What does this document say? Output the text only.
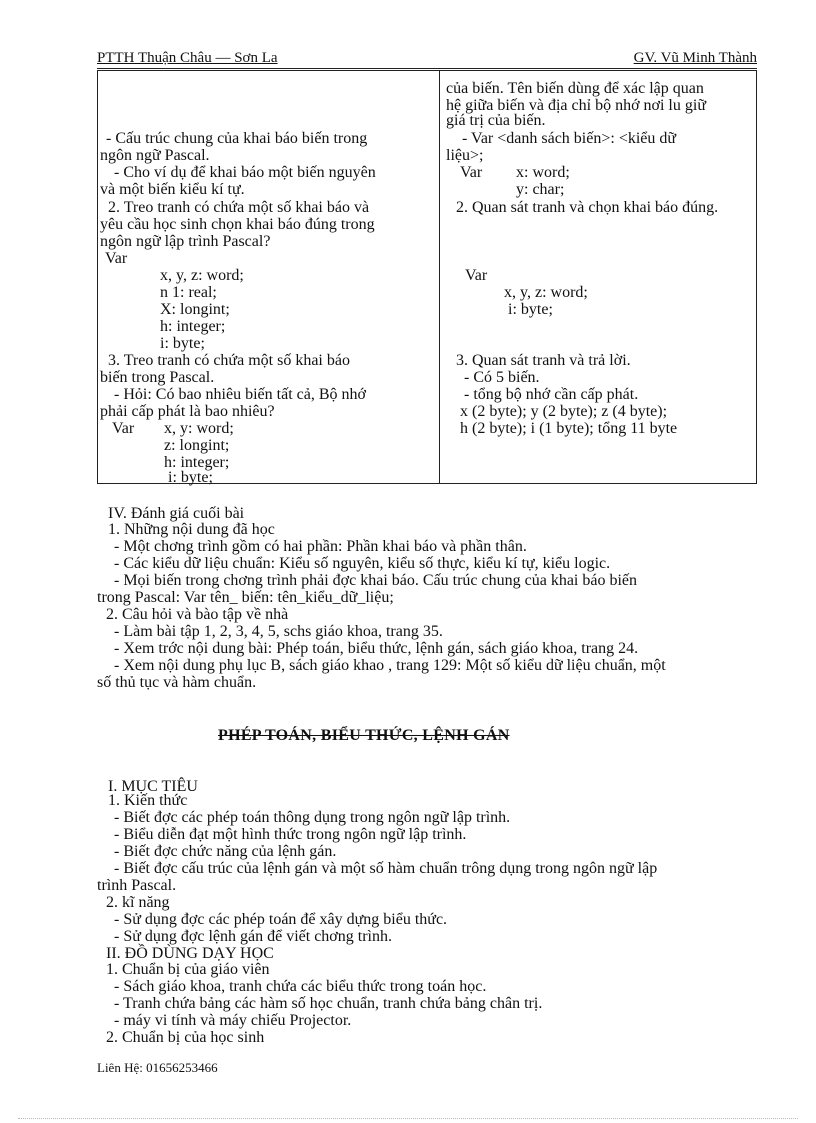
PTTH Thuận Châu — Sơn La	GV. Vũ Minh Thành
- Cấu trúc chung của khai báo biến trong
ngôn ngữ Pascal.
- Cho ví dụ để khai báo một biến nguyên
và một biến kiểu kí tự.
2. Treo tranh có chứa một số khai báo và
yêu cầu học sinh chọn khai báo đúng trong
ngôn ngữ lập trình Pascal?
Var
x, y, z: word;
n 1: real;
X: longint;
h: integer;
i: byte;
3. Treo tranh có chứa một số khai báo
biến trong Pascal.
- Hỏi: Có bao nhiêu biến tất cả, Bộ nhớ
phải cấp phát là bao nhiêu?
Var x, y: word;
z: longint;
h: integer;
i: byte;
của biến. Tên biến dùng để xác lập quan
hệ giữa biến và địa chỉ bộ nhớ nơi lu giữ
giá trị của biến.
- Var <danh sách biến>: <kiểu dữ
liệu>;
Var x: word;
y: char;
2. Quan sát tranh và chọn khai báo đúng.
Var
x, y, z: word;
i: byte;
3. Quan sát tranh và trả lời.
- Có 5 biến.
- tổng bộ nhớ cần cấp phát.
x (2 byte); y (2 byte); z (4 byte);
h (2 byte); i (1 byte); tổng 11 byte
IV. Đánh giá cuối bài
1. Những nội dung đã học
- Một chơng trình gồm có hai phần: Phần khai báo và phần thân.
- Các kiểu dữ liệu chuẩn: Kiểu số nguyên, kiểu số thực, kiểu kí tự, kiểu logic.
- Mọi biến trong chơng trình phải đợc khai báo. Cấu trúc chung của khai báo biến
trong Pascal: Var tên_ biến: tên_kiểu_dữ_liệu;
2. Câu hỏi và bào tập về nhà
- Làm bài tập 1, 2, 3, 4, 5, schs giáo khoa, trang 35.
- Xem trớc nội dung bài: Phép toán, biểu thức, lệnh gán, sách giáo khoa, trang 24.
- Xem nội dung phụ lục B, sách giáo khao , trang 129: Một số kiểu dữ liệu chuẩn, một
số thủ tục và hàm chuẩn.
PHÉP TOÁN, BIỂU THỨC, LỆNH GÁN
I. MỤC TIÊU
1. Kiến thức
- Biết đợc các phép toán thông dụng trong ngôn ngữ lập trình.
- Biểu diễn đạt một hình thức trong ngôn ngữ lập trình.
- Biết đợc chức năng của lệnh gán.
- Biết đợc cấu trúc của lệnh gán và một số hàm chuẩn trông dụng trong ngôn ngữ lập
trình Pascal.
2. kĩ năng
- Sử dụng đợc các phép toán để xây dựng biểu thức.
- Sử dụng đợc lệnh gán để viết chơng trình.
II. ĐỒ DÙNG DẠY HỌC
1. Chuẩn bị của giáo viên
- Sách giáo khoa, tranh chứa các biểu thức trong toán học.
- Tranh chứa bảng các hàm số học chuẩn, tranh chứa bảng chân trị.
- máy vi tính và máy chiếu Projector.
2. Chuẩn bị của học sinh
Liên Hệ: 01656253466
